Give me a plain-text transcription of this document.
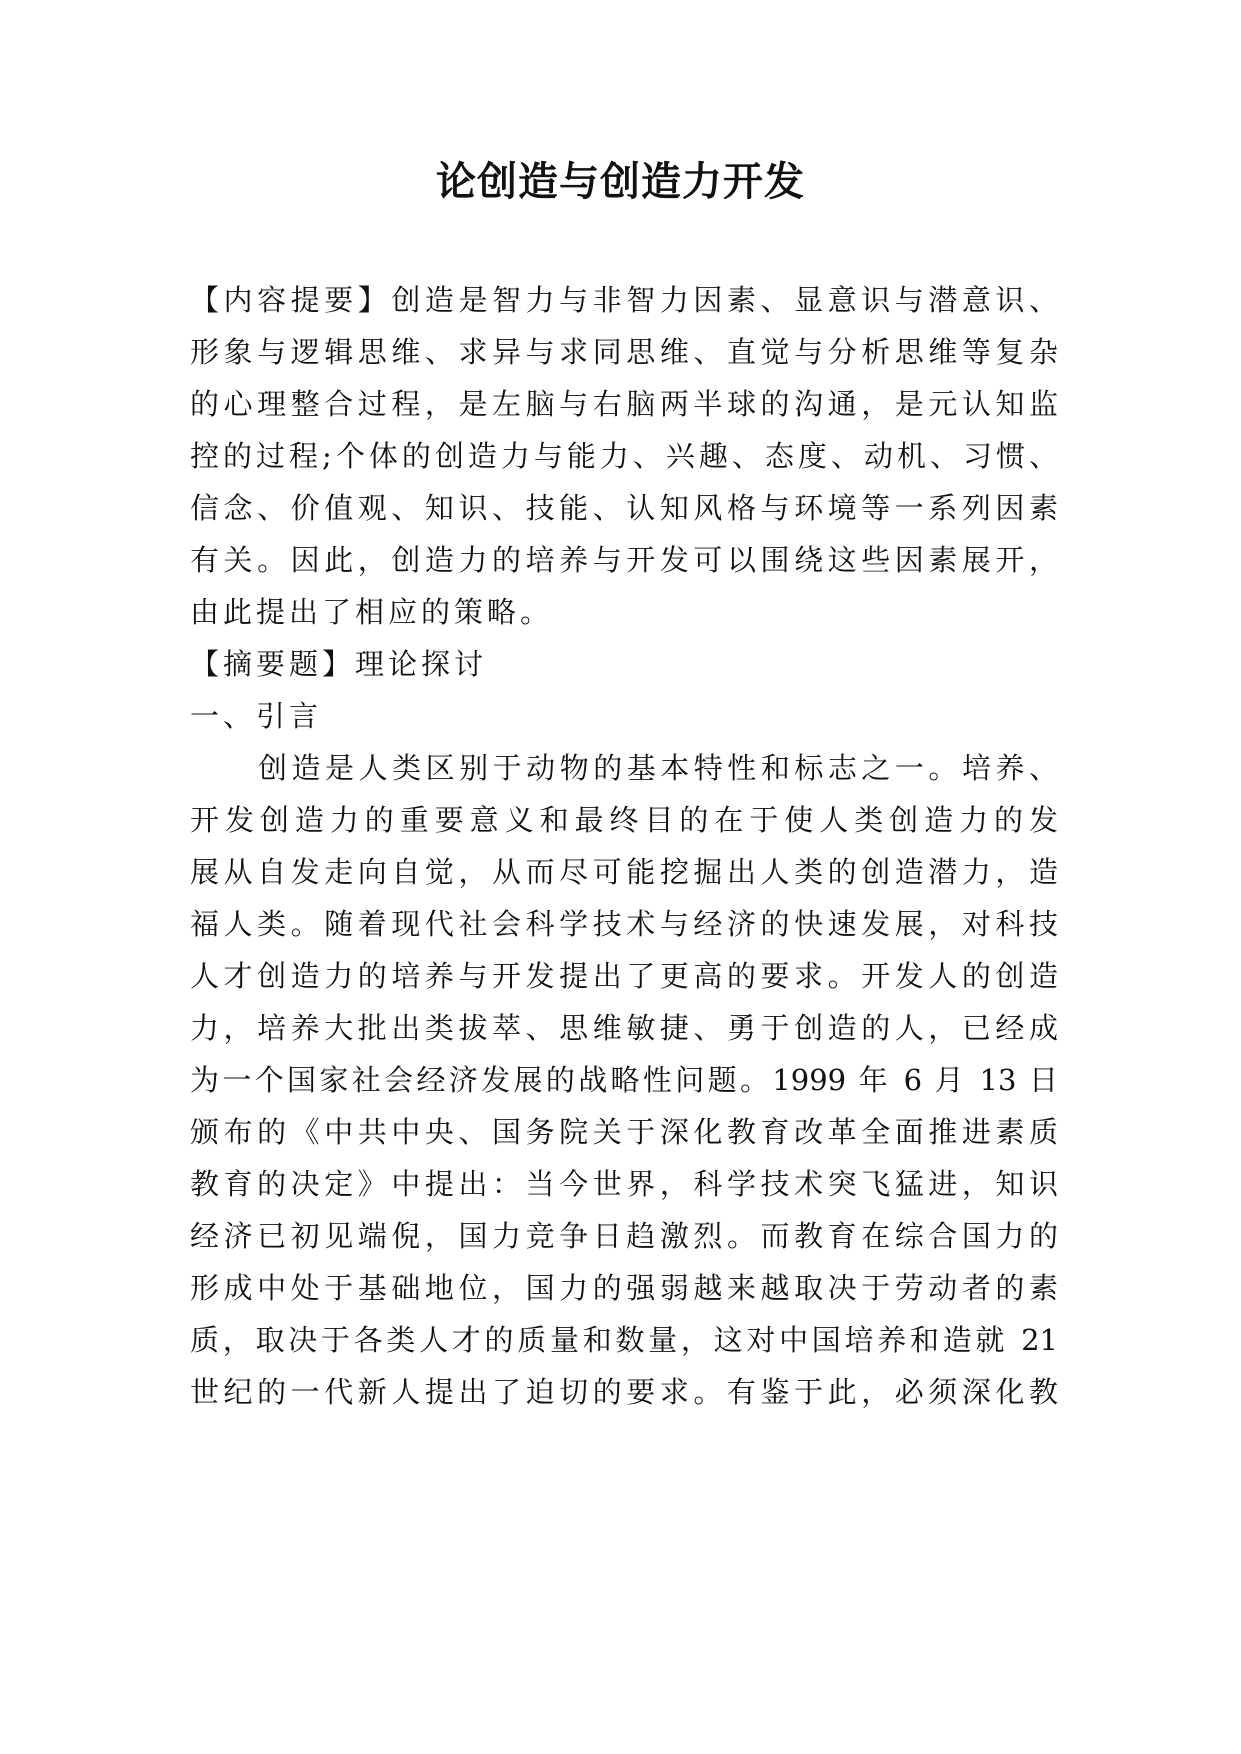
论创造与创造力开发
【内容提要】创造是智力与非智力因素、显意识与潜意识、
形象与逻辑思维、求异与求同思维、直觉与分析思维等复杂
的心理整合过程，是左脑与右脑两半球的沟通，是元认知监
控的过程;个体的创造力与能力、兴趣、态度、动机、习惯、
信念、价值观、知识、技能、认知风格与环境等一系列因素
有关。因此，创造力的培养与开发可以围绕这些因素展开，
由此提出了相应的策略。
【摘要题】理论探讨
一、引言
创造是人类区别于动物的基本特性和标志之一。培养、
开发创造力的重要意义和最终目的在于使人类创造力的发
展从自发走向自觉，从而尽可能挖掘出人类的创造潜力，造
福人类。随着现代社会科学技术与经济的快速发展，对科技
人才创造力的培养与开发提出了更高的要求。开发人的创造
力，培养大批出类拔萃、思维敏捷、勇于创造的人，已经成
为一个国家社会经济发展的战略性问题。1999 年 6 月 13 日
颁布的《中共中央、国务院关于深化教育改革全面推进素质
教育的决定》中提出：当今世界，科学技术突飞猛进，知识
经济已初见端倪，国力竞争日趋激烈。而教育在综合国力的
形成中处于基础地位，国力的强弱越来越取决于劳动者的素
质，取决于各类人才的质量和数量，这对中国培养和造就 21
世纪的一代新人提出了迫切的要求。有鉴于此，必须深化教
